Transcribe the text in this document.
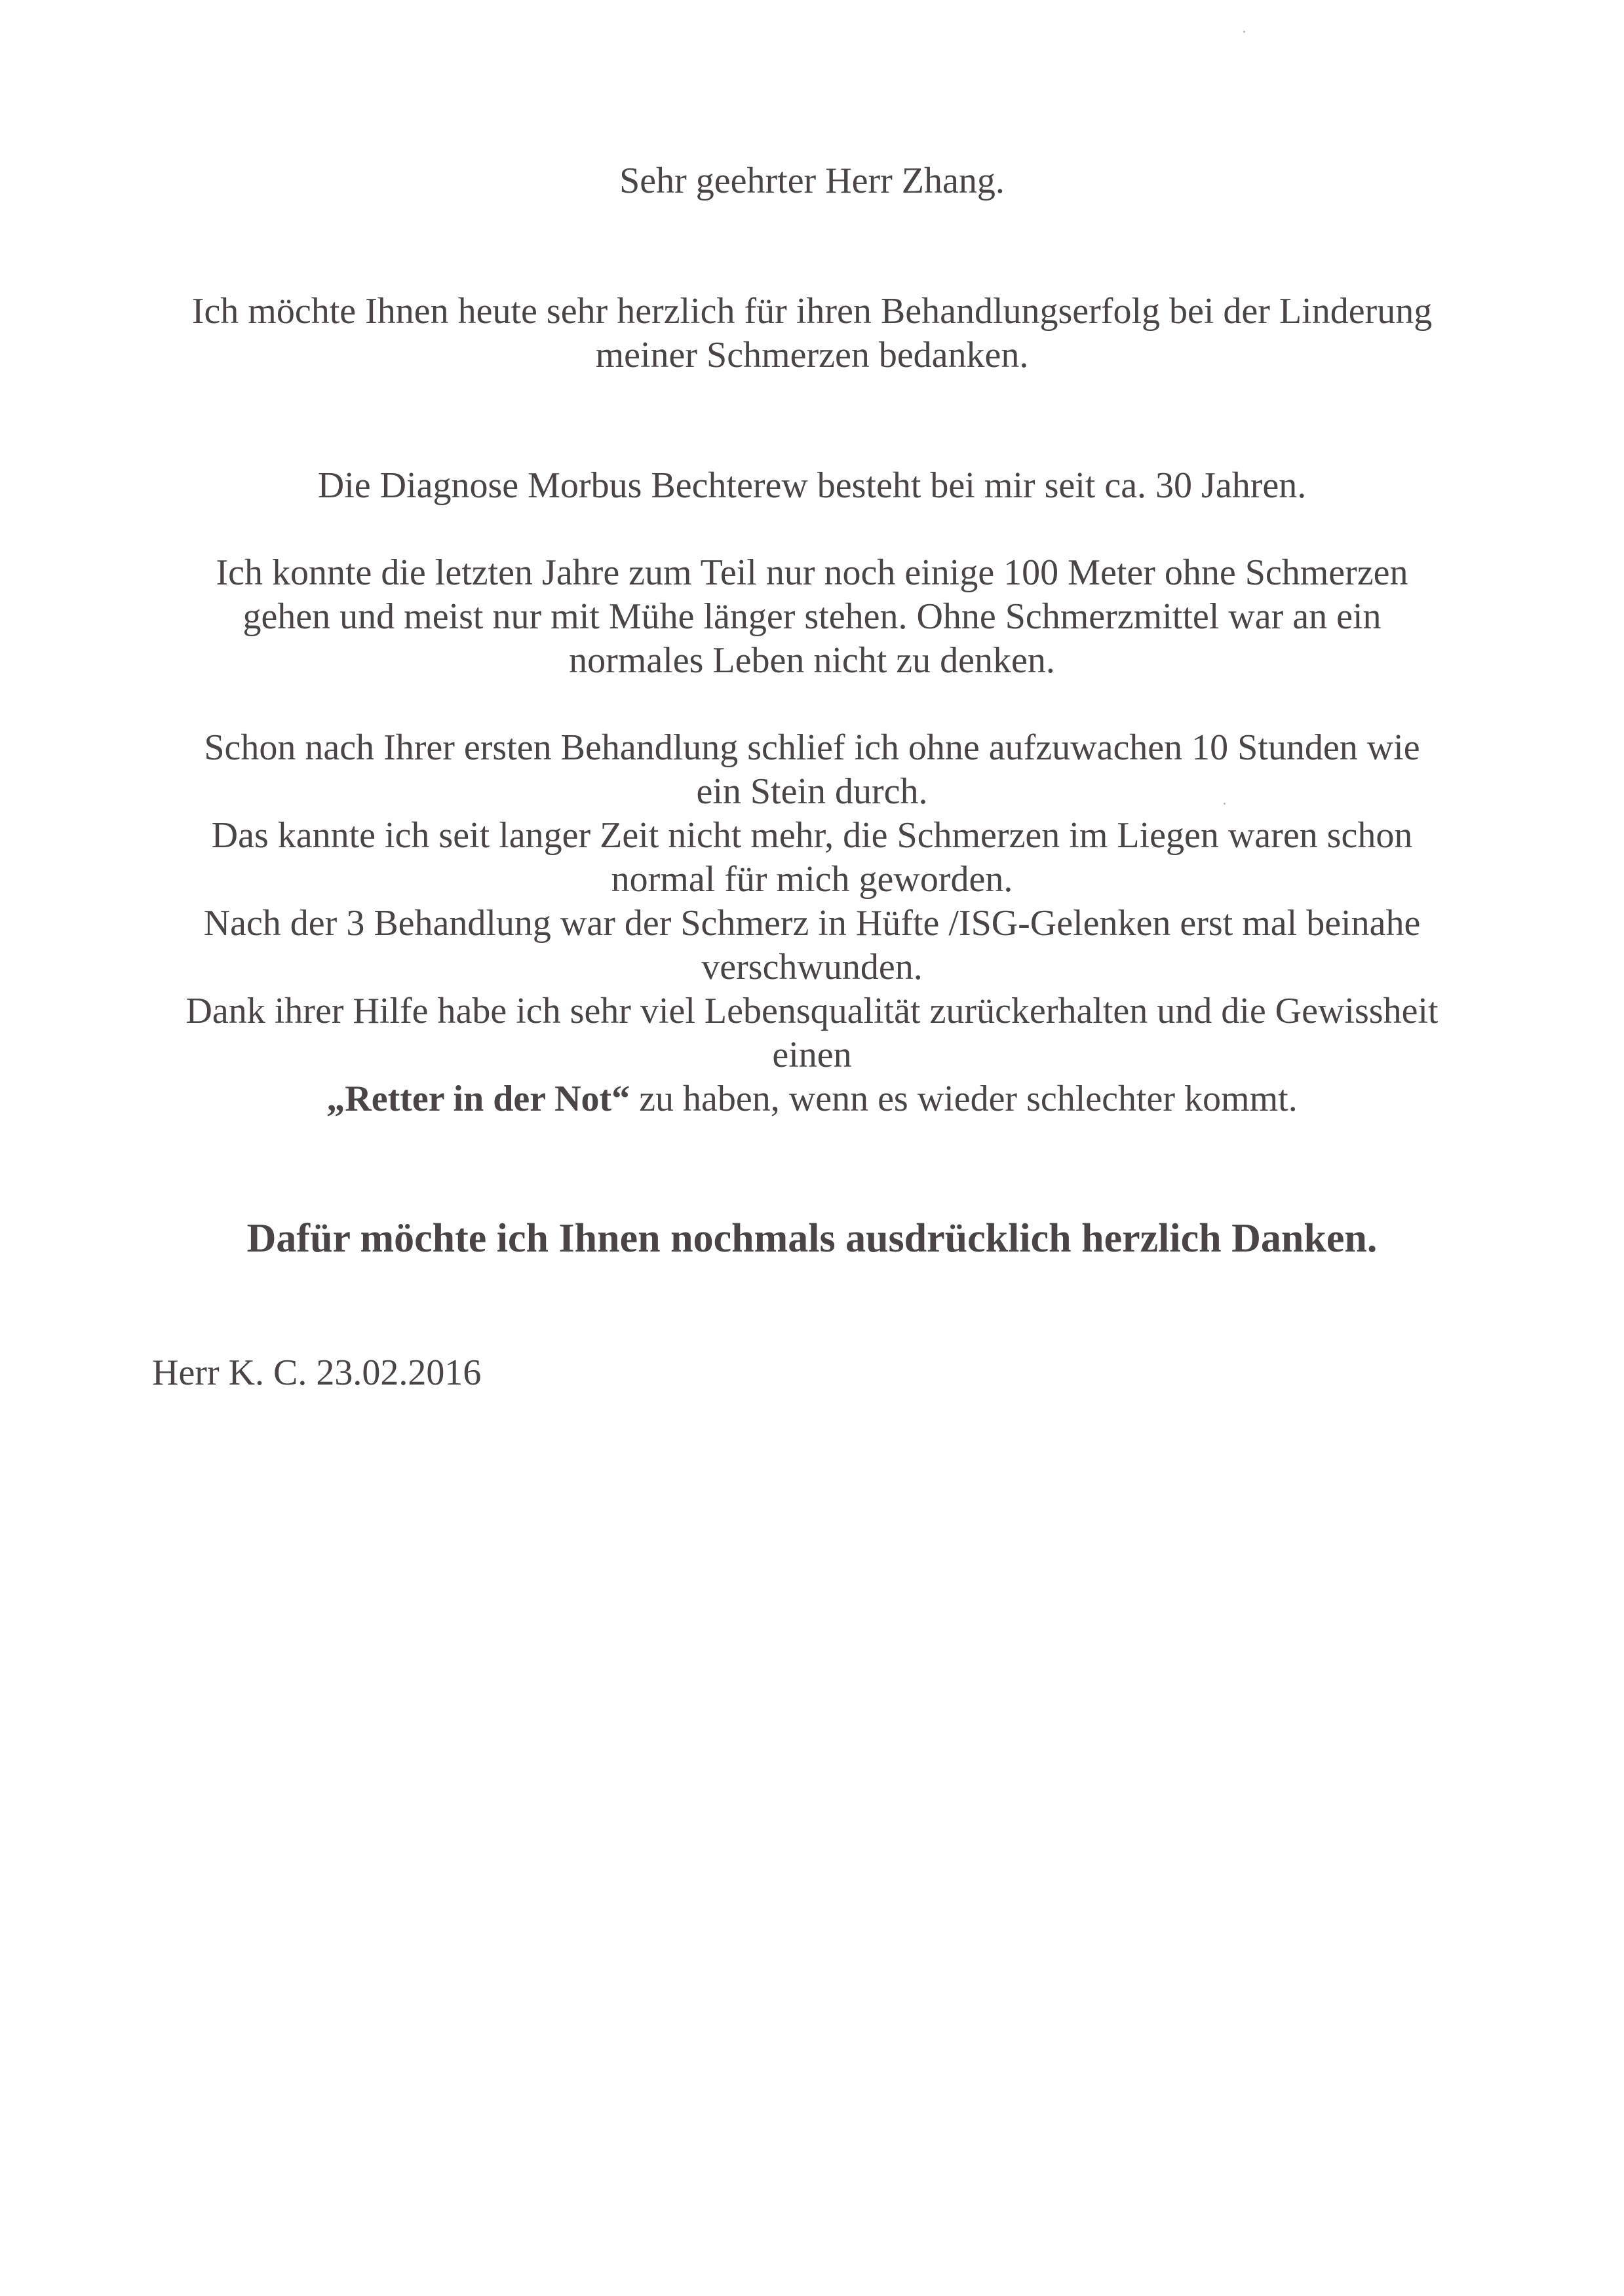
Sehr geehrter Herr Zhang.
Ich möchte Ihnen heute sehr herzlich für ihren Behandlungserfolg bei der Linderung
meiner Schmerzen bedanken.
Die Diagnose Morbus Bechterew besteht bei mir seit ca. 30 Jahren.
Ich konnte die letzten Jahre zum Teil nur noch einige 100 Meter ohne Schmerzen
gehen und meist nur mit Mühe länger stehen. Ohne Schmerzmittel war an ein
normales Leben nicht zu denken.
Schon nach Ihrer ersten Behandlung schlief ich ohne aufzuwachen 10 Stunden wie
ein Stein durch.
Das kannte ich seit langer Zeit nicht mehr, die Schmerzen im Liegen waren schon
normal für mich geworden.
Nach der 3 Behandlung war der Schmerz in Hüfte /ISG-Gelenken erst mal beinahe
verschwunden.
Dank ihrer Hilfe habe ich sehr viel Lebensqualität zurückerhalten und die Gewissheit
einen
„Retter in der Not“ zu haben, wenn es wieder schlechter kommt.
Dafür möchte ich Ihnen nochmals ausdrücklich herzlich Danken.
Herr K. C. 23.02.2016
